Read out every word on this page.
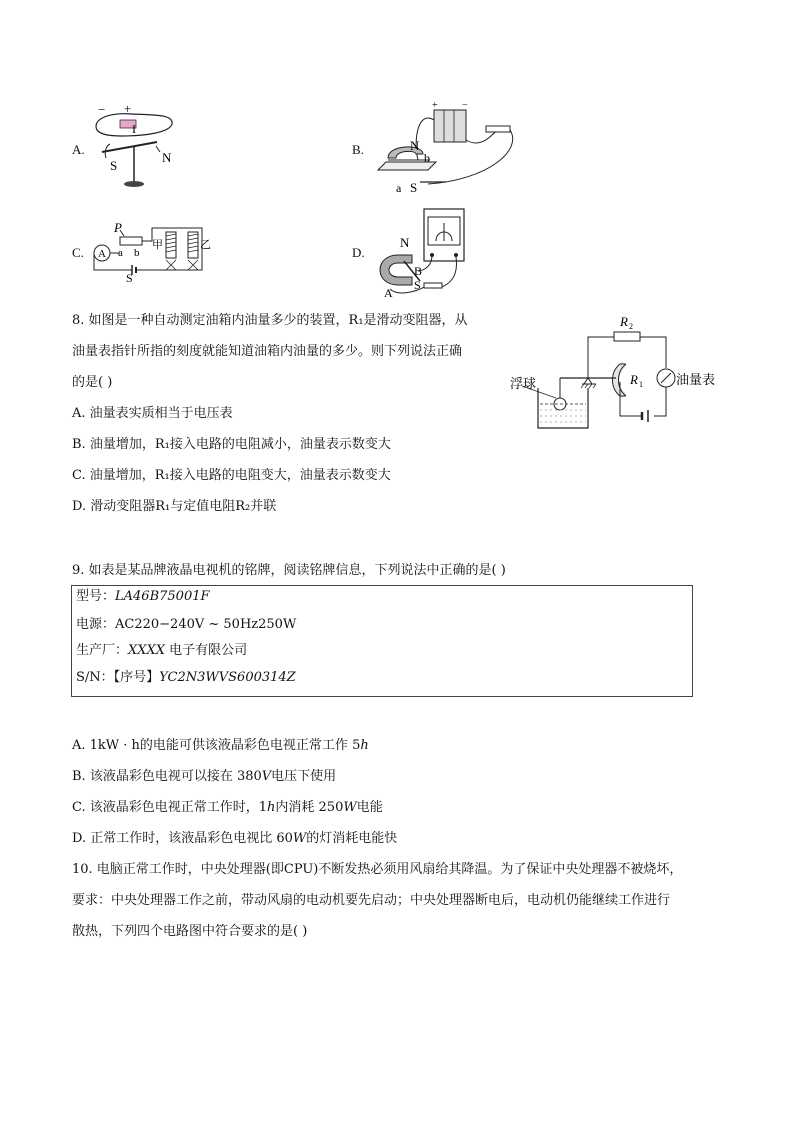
A.
− +
I
S
N
B.	N
b
a S
+ −
C. A
P
a b
S
甲	乙	D.
N
B
A
S
8. 如图是一种自动测定油箱内油量多少的装置，R₁是滑动变阻器，从
油量表指针所指的刻度就能知道油箱内油量的多少。则下列说法正确
的是( )
A. 油量表实质相当于电压表
B. 油量增加，R₁接入电路的电阻减小，油量表示数变大
C. 油量增加，R₁接入电路的电阻变大，油量表示数变大
D. 滑动变阻器R₁与定值电阻R₂并联
R 2
R 1
浮球	油量表
9. 如表是某品牌液晶电视机的铭牌，阅读铭牌信息，下列说法中正确的是( )
型号：LA46B75001F
电源：AC220−240V ~ 50Hz250W
生产厂：XXXX 电子有限公司
S/N：【序号】YC2N3WVS600314Z
A. 1kW · h的电能可供该液晶彩色电视正常工作 5h
B. 该液晶彩色电视可以接在 380V电压下使用
C. 该液晶彩色电视正常工作时，1h内消耗 250W电能
D. 正常工作时，该液晶彩色电视比 60W的灯消耗电能快
10. 电脑正常工作时，中央处理器(即CPU)不断发热必须用风扇给其降温。为了保证中央处理器不被烧坏，
要求：中央处理器工作之前，带动风扇的电动机要先启动；中央处理器断电后，电动机仍能继续工作进行
散热，下列四个电路图中符合要求的是( )
